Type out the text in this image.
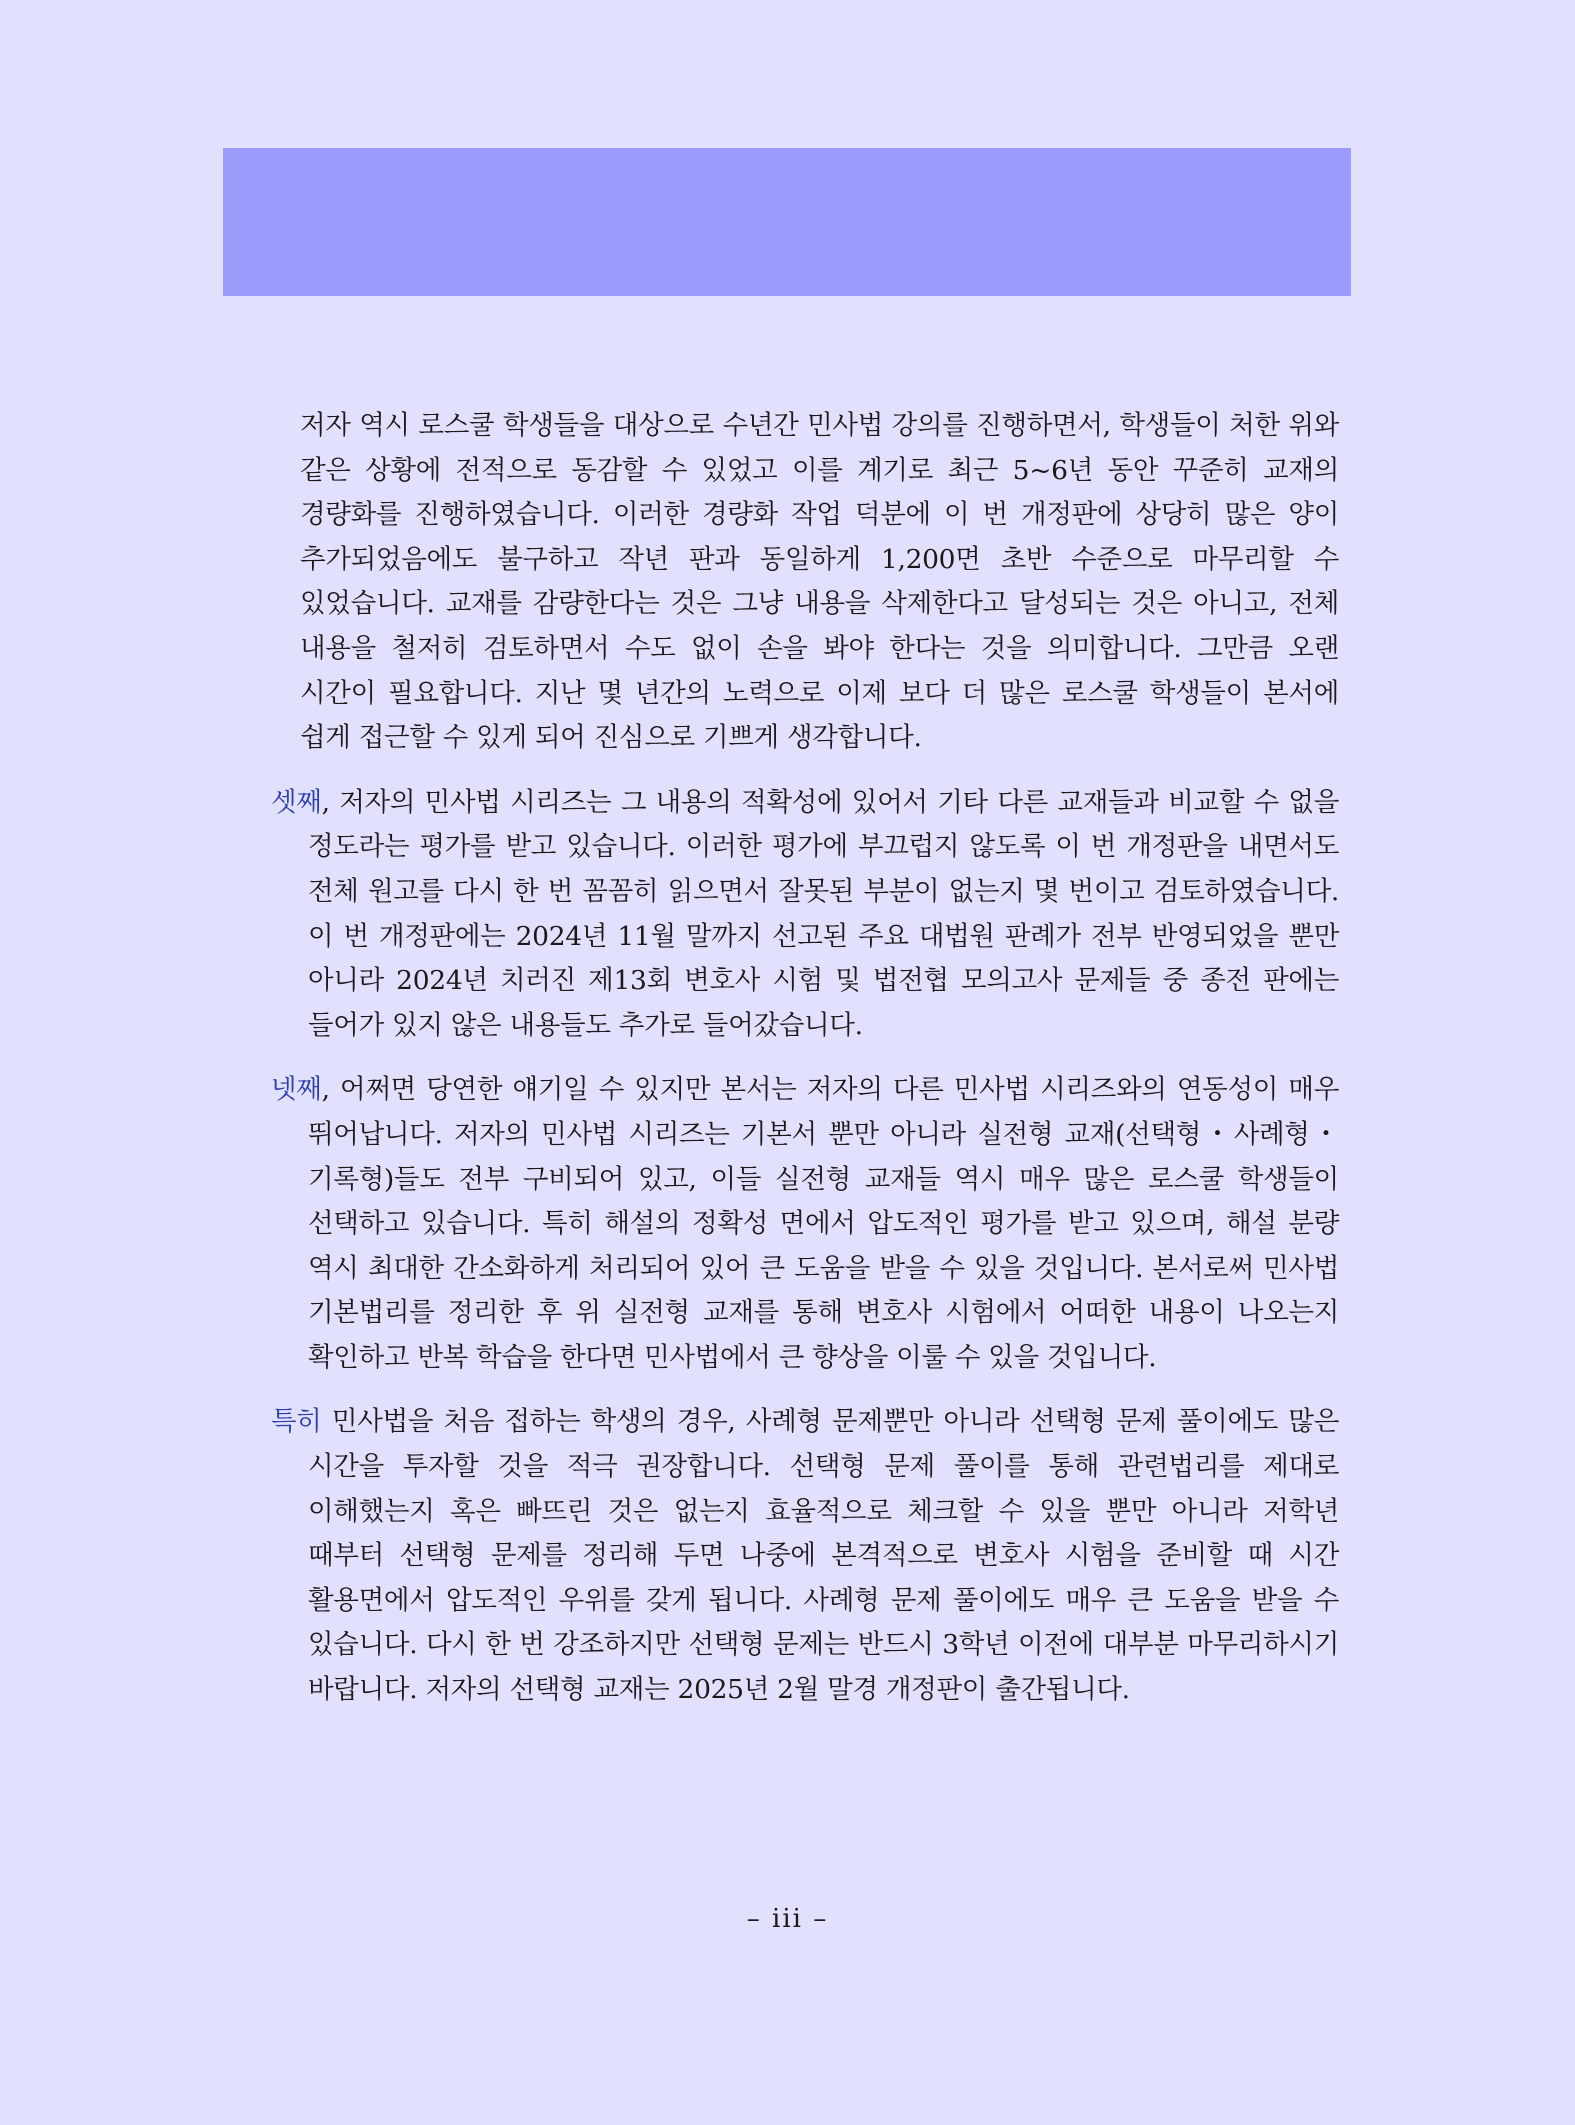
저자 역시 로스쿨 학생들을 대상으로 수년간 민사법 강의를 진행하면서, 학생들이 처한 위와 같은 상황에 전적으로 동감할 수 있었고 이를 계기로 최근 5~6년 동안 꾸준히 교재의 경량화를 진행하였습니다. 이러한 경량화 작업 덕분에 이 번 개정판에 상당히 많은 양이 추가되었음에도 불구하고 작년 판과 동일하게 1,200면 초반 수준으로 마무리할 수 있었습니다. 교재를 감량한다는 것은 그냥 내용을 삭제한다고 달성되는 것은 아니고, 전체 내용을 철저히 검토하면서 수도 없이 손을 봐야 한다는 것을 의미합니다. 그만큼 오랜 시간이 필요합니다. 지난 몇 년간의 노력으로 이제 보다 더 많은 로스쿨 학생들이 본서에 쉽게 접근할 수 있게 되어 진심으로 기쁘게 생각합니다.

셋째, 저자의 민사법 시리즈는 그 내용의 적확성에 있어서 기타 다른 교재들과 비교할 수 없을 정도라는 평가를 받고 있습니다. 이러한 평가에 부끄럽지 않도록 이 번 개정판을 내면서도 전체 원고를 다시 한 번 꼼꼼히 읽으면서 잘못된 부분이 없는지 몇 번이고 검토하였습니다. 이 번 개정판에는 2024년 11월 말까지 선고된 주요 대법원 판례가 전부 반영되었을 뿐만 아니라 2024년 치러진 제13회 변호사 시험 및 법전협 모의고사 문제들 중 종전 판에는 들어가 있지 않은 내용들도 추가로 들어갔습니다.

넷째, 어쩌면 당연한 얘기일 수 있지만 본서는 저자의 다른 민사법 시리즈와의 연동성이 매우 뛰어납니다. 저자의 민사법 시리즈는 기본서 뿐만 아니라 실전형 교재(선택형・사례형・기록형)들도 전부 구비되어 있고, 이들 실전형 교재들 역시 매우 많은 로스쿨 학생들이 선택하고 있습니다. 특히 해설의 정확성 면에서 압도적인 평가를 받고 있으며, 해설 분량 역시 최대한 간소화하게 처리되어 있어 큰 도움을 받을 수 있을 것입니다. 본서로써 민사법 기본법리를 정리한 후 위 실전형 교재를 통해 변호사 시험에서 어떠한 내용이 나오는지 확인하고 반복 학습을 한다면 민사법에서 큰 향상을 이룰 수 있을 것입니다.

특히 민사법을 처음 접하는 학생의 경우, 사례형 문제뿐만 아니라 선택형 문제 풀이에도 많은 시간을 투자할 것을 적극 권장합니다. 선택형 문제 풀이를 통해 관련법리를 제대로 이해했는지 혹은 빠뜨린 것은 없는지 효율적으로 체크할 수 있을 뿐만 아니라 저학년 때부터 선택형 문제를 정리해 두면 나중에 본격적으로 변호사 시험을 준비할 때 시간 활용면에서 압도적인 우위를 갖게 됩니다. 사례형 문제 풀이에도 매우 큰 도움을 받을 수 있습니다. 다시 한 번 강조하지만 선택형 문제는 반드시 3학년 이전에 대부분 마무리하시기 바랍니다. 저자의 선택형 교재는 2025년 2월 말경 개정판이 출간됩니다.

– iii –
